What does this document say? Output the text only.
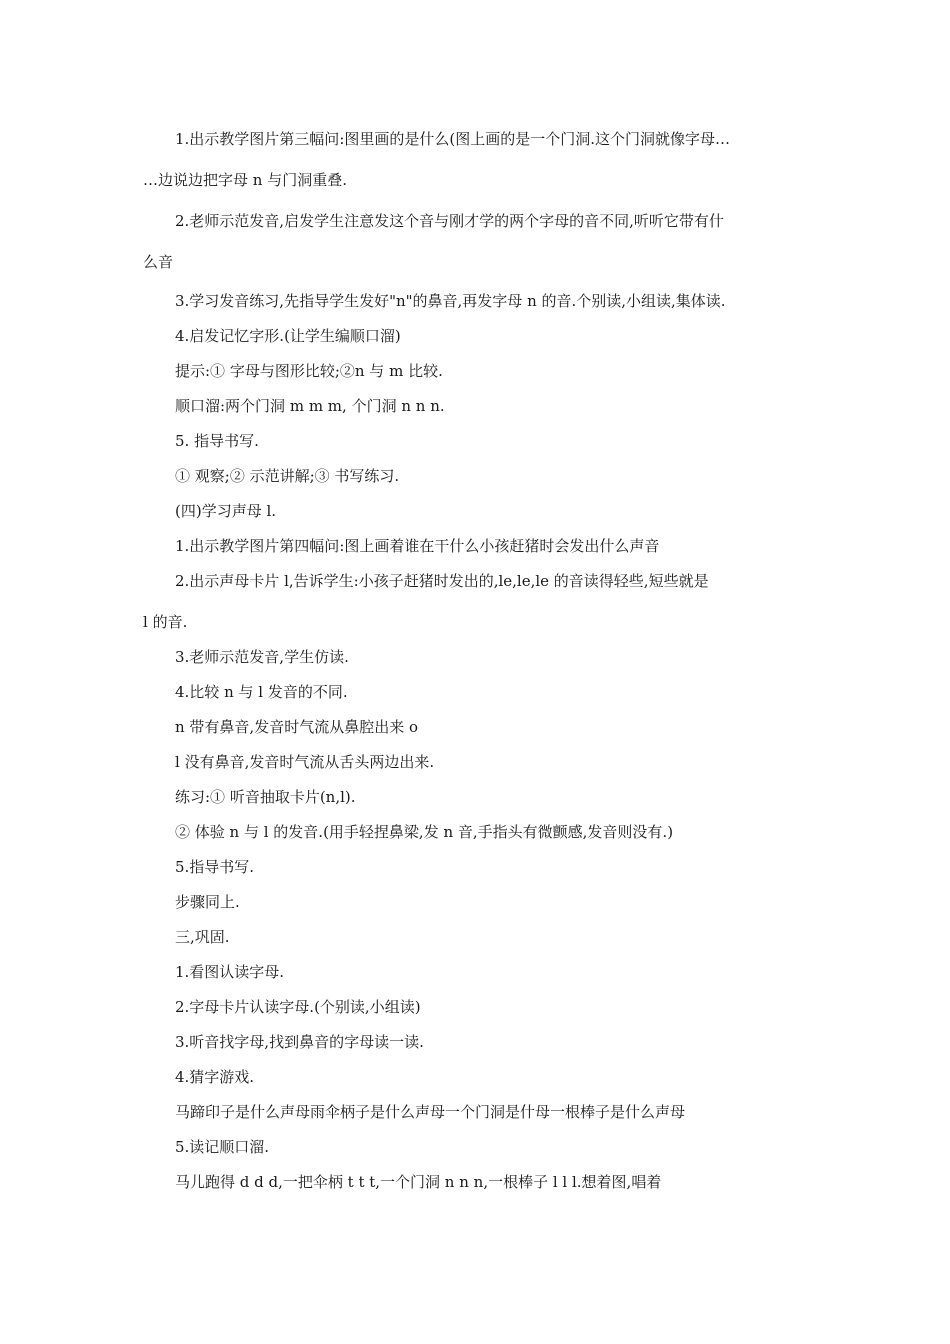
1.出示教学图片第三幅问:图里画的是什么(图上画的是一个门洞.这个门洞就像字母…

…边说边把字母 n 与门洞重叠.

2.老师示范发音,启发学生注意发这个音与刚才学的两个字母的音不同,听听它带有什

么音

3.学习发音练习,先指导学生发好"n"的鼻音,再发字母 n 的音.个别读,小组读,集体读.

4.启发记忆字形.(让学生编顺口溜)

提示:① 字母与图形比较;②n 与 m 比较.

顺口溜:两个门洞 m m m, 个门洞 n n n.

5. 指导书写.

① 观察;② 示范讲解;③ 书写练习.

(四)学习声母 l.

1.出示教学图片第四幅问:图上画着谁在干什么小孩赶猪时会发出什么声音

2.出示声母卡片 l,告诉学生:小孩子赶猪时发出的,le,le,le 的音读得轻些,短些就是

l 的音.

3.老师示范发音,学生仿读.

4.比较 n 与 l 发音的不同.

n 带有鼻音,发音时气流从鼻腔出来 o

l 没有鼻音,发音时气流从舌头两边出来.

练习:① 听音抽取卡片(n,l).

② 体验 n 与 l 的发音.(用手轻捏鼻梁,发 n 音,手指头有微颤感,发音则没有.)

5.指导书写.

步骤同上.

三,巩固.

1.看图认读字母.

2.字母卡片认读字母.(个别读,小组读)

3.听音找字母,找到鼻音的字母读一读.

4.猜字游戏.

马蹄印子是什么声母雨伞柄子是什么声母一个门洞是什母一根棒子是什么声母

5.读记顺口溜.

马儿跑得 d d d,一把伞柄 t t t,一个门洞 n n n,一根棒子 l l l.想着图,唱着
